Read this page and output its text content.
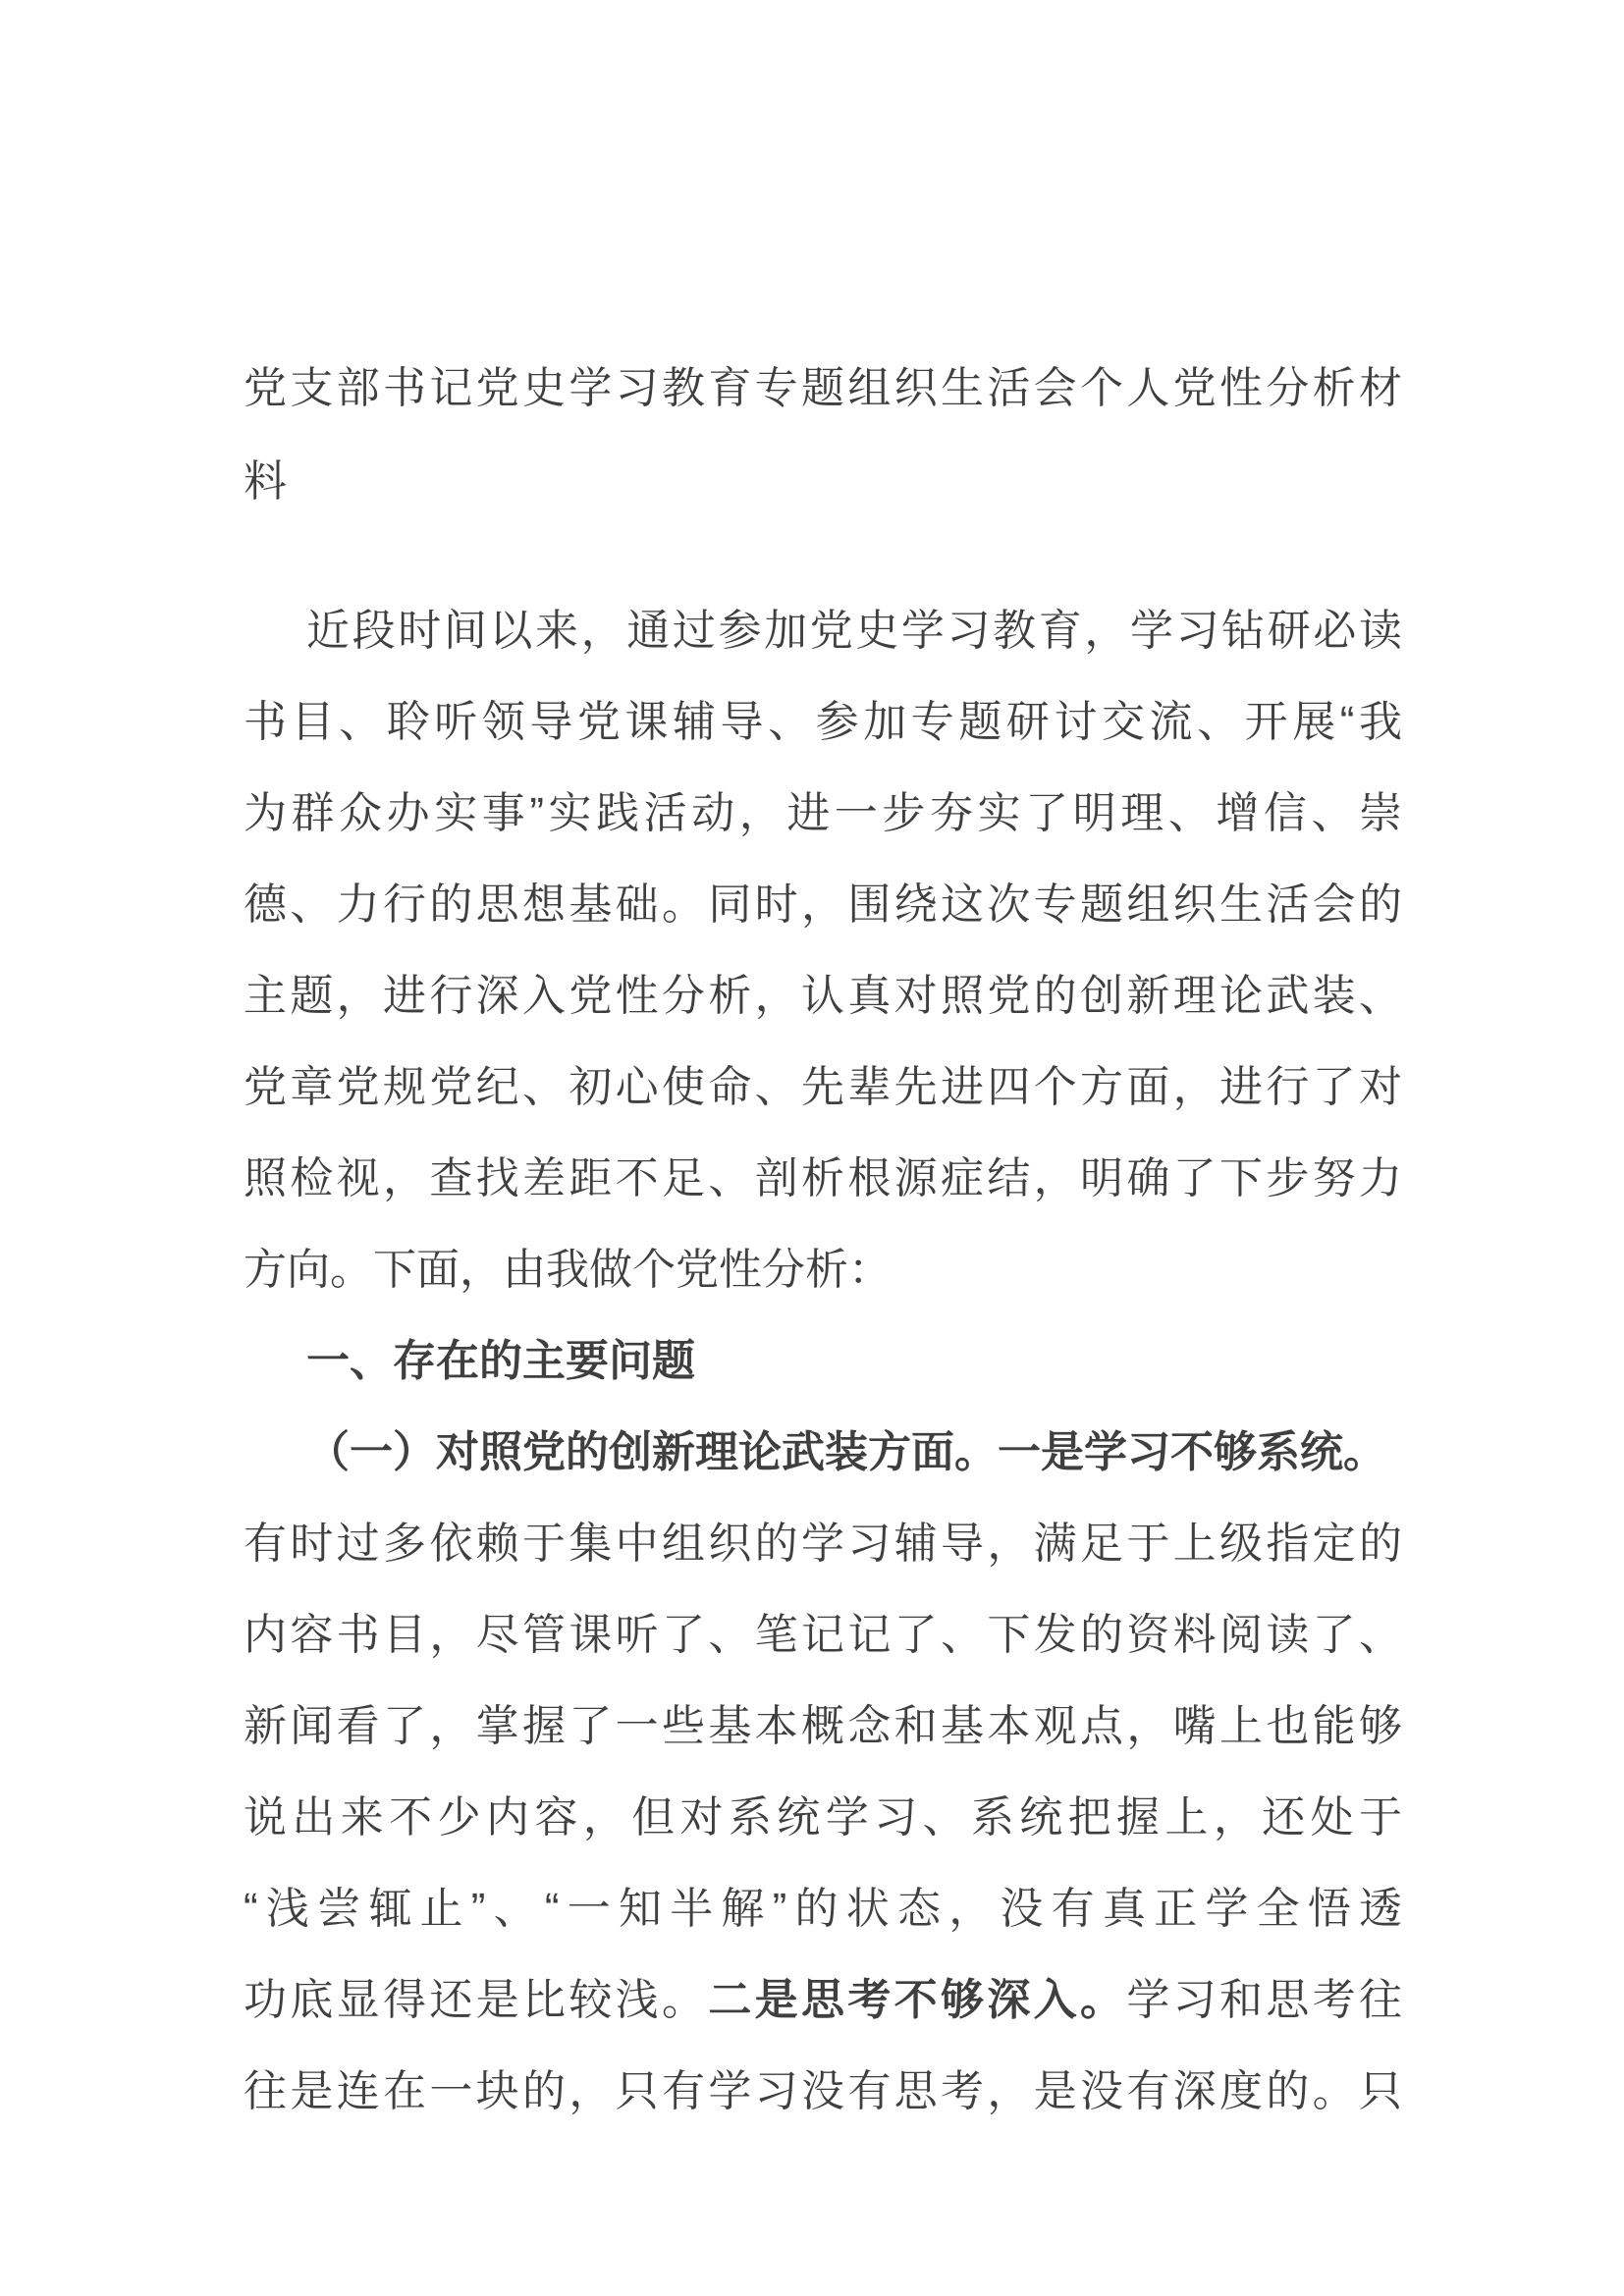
党支部书记党史学习教育专题组织生活会个人党性分析材
料
近段时间以来，通过参加党史学习教育，学习钻研必读
书目、聆听领导党课辅导、参加专题研讨交流、开展“我
为群众办实事”实践活动，进一步夯实了明理、增信、崇
德、力行的思想基础。同时，围绕这次专题组织生活会的
主题，进行深入党性分析，认真对照党的创新理论武装、
党章党规党纪、初心使命、先辈先进四个方面，进行了对
照检视，查找差距不足、剖析根源症结，明确了下步努力
方向。下面，由我做个党性分析：
一、存在的主要问题
（一）对照党的创新理论武装方面。一是学习不够系统。
有时过多依赖于集中组织的学习辅导，满足于上级指定的
内容书目，尽管课听了、笔记记了、下发的资料阅读了、
新闻看了，掌握了一些基本概念和基本观点，嘴上也能够
说出来不少内容，但对系统学习、系统把握上，还处于
“浅尝辄止”、“一知半解”的状态，没有真正学全悟透
功底显得还是比较浅。二是思考不够深入。学习和思考往
往是连在一块的，只有学习没有思考，是没有深度的。只
